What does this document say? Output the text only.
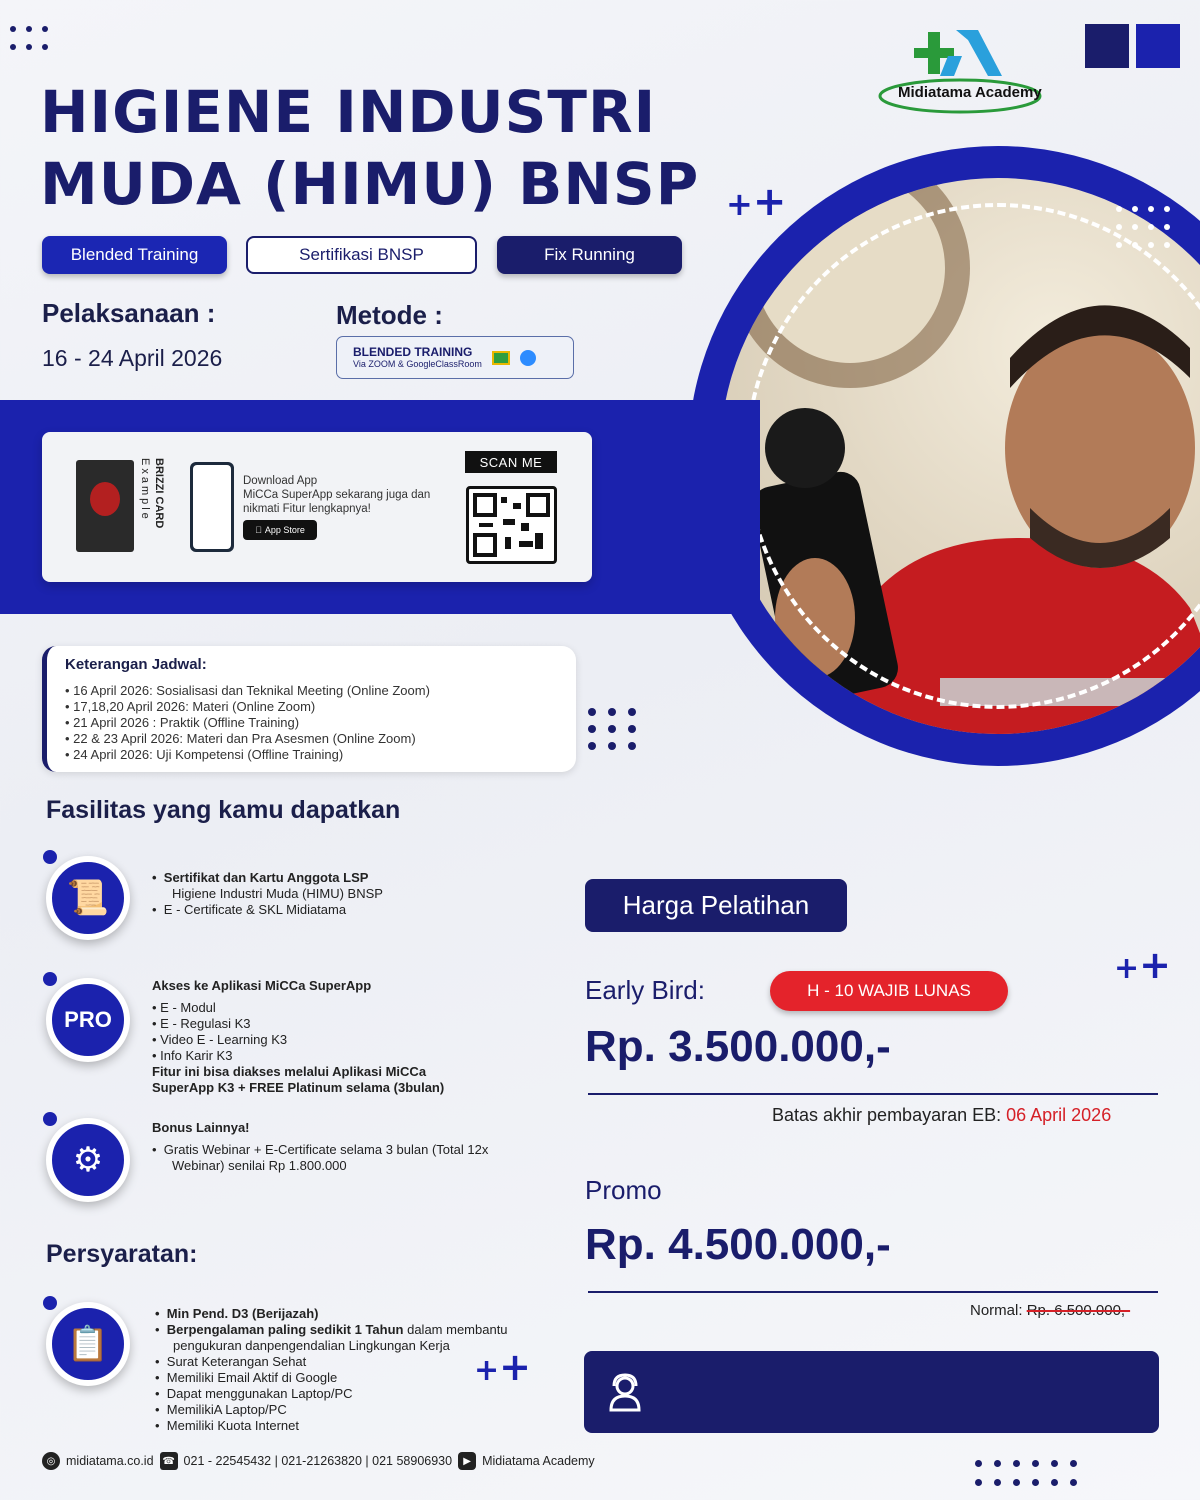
Midiatama Academy
HIGIENE INDUSTRI
MUDA (HIMU) BNSP ++
Blended Training	Sertifikasi BNSP	Fix Running
Pelaksanaan :
16 - 24 April 2026
Metode :
BLENDED TRAINING
Via ZOOM & GoogleClassRoom
BRIZZI CARD Example	Download App
MiCCa SuperApp sekarang juga dan nikmati Fitur lengkapnya!
App Store
SCAN ME
Keterangan Jadwal:
• 16 April 2026: Sosialisasi dan Teknikal Meeting (Online Zoom)
• 17,18,20 April 2026: Materi (Online Zoom)
• 21 April 2026 : Praktik (Offline Training)
• 22 & 23 April 2026: Materi dan Pra Asesmen (Online Zoom)
• 24 April 2026: Uji Kompetensi (Offline Training)
Fasilitas yang kamu dapatkan
📜
•  Sertifikat dan Kartu Anggota LSP
Higiene Industri Muda (HIMU) BNSP
•  E - Certificate & SKL Midiatama
PRO
Akses ke Aplikasi MiCCa SuperApp
• E - Modul
• E - Regulasi K3
• Video E - Learning K3
• Info Karir K3
Fitur ini bisa diakses melalui Aplikasi MiCCa
SuperApp K3 + FREE Platinum selama (3bulan)
⚙
Bonus Lainnya!
•  Gratis Webinar + E-Certificate selama 3 bulan (Total 12x
Webinar) senilai Rp 1.800.000
Persyaratan:
📋
•  Min Pend. D3 (Berijazah)
•  Berpengalaman paling sedikit 1 Tahun dalam membantu
pengukuran danpengendalian Lingkungan Kerja
•  Surat Keterangan Sehat
•  Memiliki Email Aktif di Google
•  Dapat menggunakan Laptop/PC
•  MemilikiA Laptop/PC
•  Memiliki Kuota Internet
++
Harga Pelatihan
++
Early Bird:	H - 10 WAJIB LUNAS
Rp. 3.500.000,-
Batas akhir pembayaran EB: 06 April 2026
Promo
Rp. 4.500.000,-
Normal: Rp. 6.500.000,-
◎ midiatama.co.id ☎ 021 - 22545432 | 021-21263820 | 021 58906930	▶ Midiatama Academy
